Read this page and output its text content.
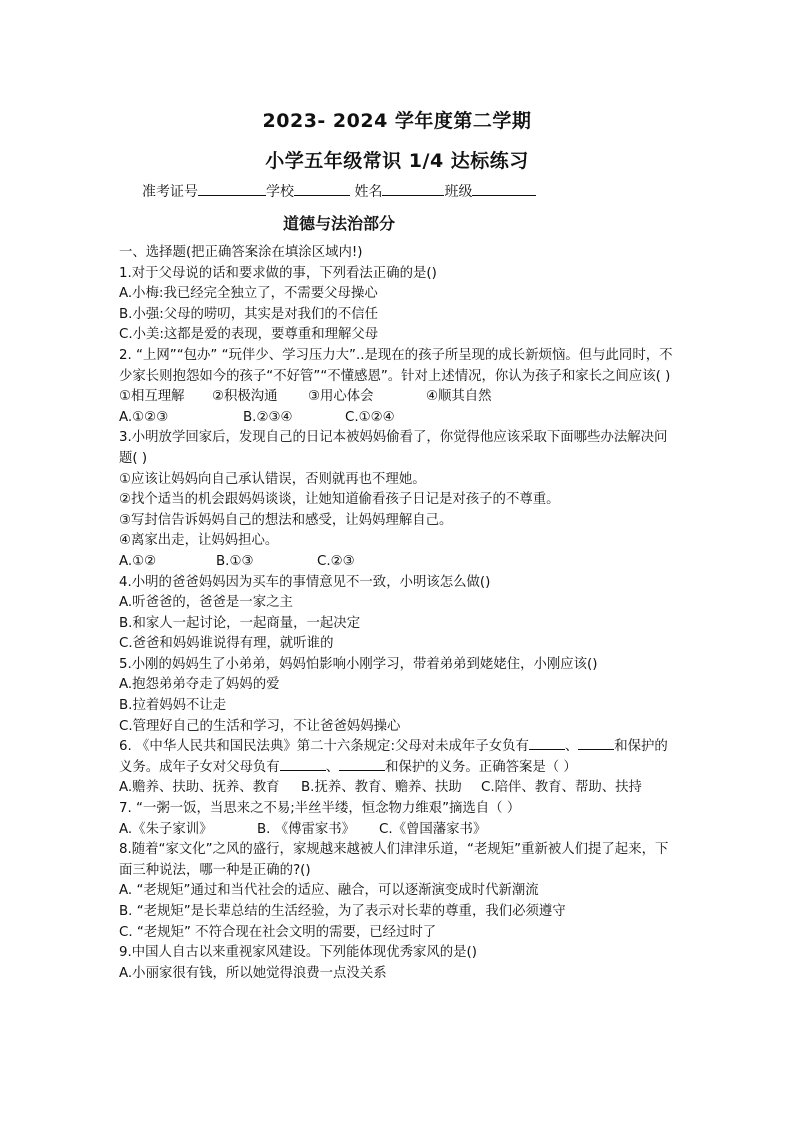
2023- 2024 学年度第二学期
小学五年级常识 1/4 达标练习
准考证号	学校	姓名	班级
道德与法治部分
一、选择题(把正确答案涂在填涂区域内!)
1.对于父母说的话和要求做的事，下列看法正确的是()
A.小梅:我已经完全独立了，不需要父母操心
B.小强:父母的唠叨，其实是对我们的不信任
C.小美:这都是爱的表现，要尊重和理解父母
2. “上网”“包办” “玩伴少、学习压力大”..是现在的孩子所呈现的成长新烦恼。但与此同时，不少家长则抱怨如今的孩子“不好管”“不懂感恩”。针对上述情况，你认为孩子和家长之间应该( )
①相互理解 ②积极沟通 ③用心体会	④顺其自然
A.①②③	B.②③④	C.①②④
3.小明放学回家后，发现自己的日记本被妈妈偷看了，你觉得他应该采取下面哪些办法解决问题( )
①应该让妈妈向自己承认错误，否则就再也不理她。
②找个适当的机会跟妈妈谈谈，让她知道偷看孩子日记是对孩子的不尊重。
③写封信告诉妈妈自己的想法和感受，让妈妈理解自己。
④离家出走，让妈妈担心。
A.①②	B.①③	C.②③
4.小明的爸爸妈妈因为买车的事情意见不一致，小明该怎么做()
A.听爸爸的，爸爸是一家之主
B.和家人一起讨论，一起商量，一起决定
C.爸爸和妈妈谁说得有理，就听谁的
5.小刚的妈妈生了小弟弟，妈妈怕影响小刚学习，带着弟弟到姥姥住，小刚应该()
A.抱怨弟弟夺走了妈妈的爱
B.拉着妈妈不让走
C.管理好自己的生活和学习，不让爸爸妈妈操心
6. 《中华人民共和国民法典》第二十六条规定:父母对未成年子女负有	、	和保护的义务。成年子女对父母负有	、	和保护的义务。正确答案是（ ）
A.赡养、扶助、抚养、教育 B.抚养、教育、赡养、扶助 C.陪伴、教育、帮助、扶持
7. “一粥一饭，当思来之不易;半丝半缕，恒念物力维艰”摘选自（ ）
A.《朱子家训》	B. 《傅雷家书》 C.《曾国藩家书》
8.随着“家文化”之风的盛行，家规越来越被人们津津乐道，“老规矩”重新被人们提了起来，下面三种说法，哪一种是正确的?()
A. “老规矩”通过和当代社会的适应、融合，可以逐渐演变成时代新潮流
B. “老规矩”是长辈总结的生活经验，为了表示对长辈的尊重，我们必须遵守
C. “老规矩” 不符合现在社会文明的需要，已经过时了
9.中国人自古以来重视家风建设。下列能体现优秀家风的是()
A.小丽家很有钱，所以她觉得浪费一点没关系
